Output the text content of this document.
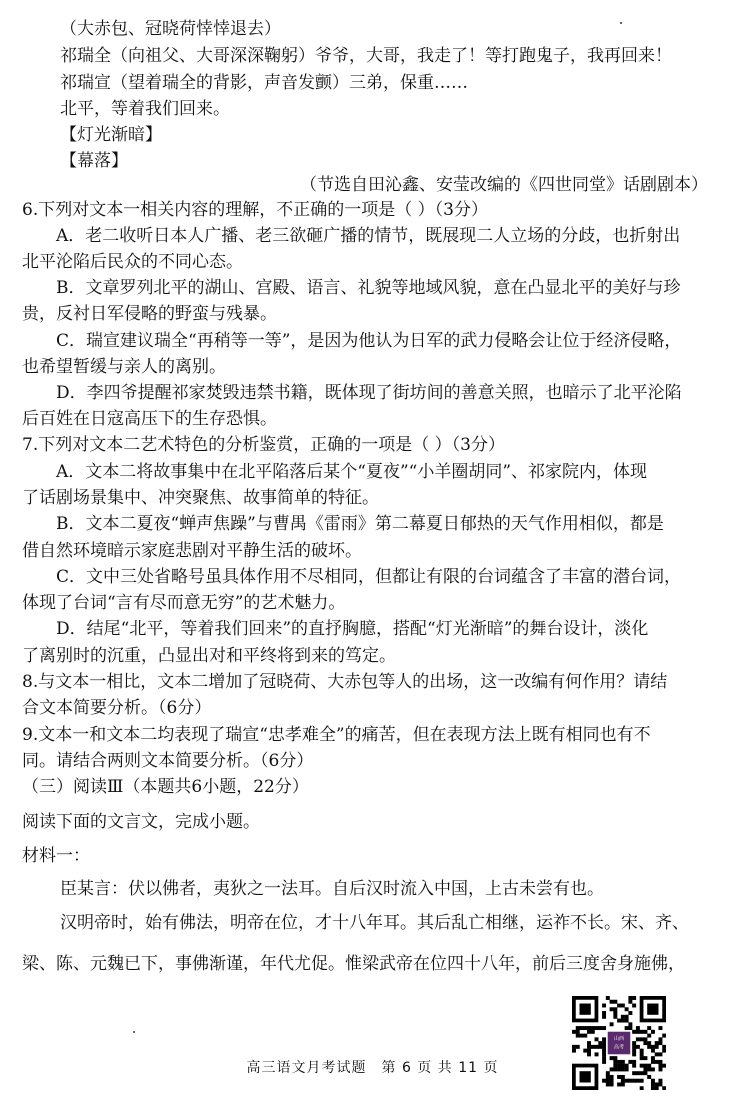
（大赤包、冠晓荷悻悻退去）
祁瑞全（向祖父、大哥深深鞠躬）爷爷，大哥，我走了！等打跑鬼子，我再回来！
祁瑞宣（望着瑞全的背影，声音发颤）三弟，保重……
北平，等着我们回来。
【灯光渐暗】
【幕落】
（节选自田沁鑫、安莹改编的《四世同堂》话剧剧本）
6.下列对文本一相关内容的理解，不正确的一项是（ ）（3分）
A．老二收听日本人广播、老三欲砸广播的情节，既展现二人立场的分歧，也折射出
北平沦陷后民众的不同心态。
B．文章罗列北平的湖山、宫殿、语言、礼貌等地域风貌，意在凸显北平的美好与珍
贵，反衬日军侵略的野蛮与残暴。
C．瑞宣建议瑞全“再稍等一等”，是因为他认为日军的武力侵略会让位于经济侵略，
也希望暂缓与亲人的离别。
D．李四爷提醒祁家焚毁违禁书籍，既体现了街坊间的善意关照，也暗示了北平沦陷
后百姓在日寇高压下的生存恐惧。
7.下列对文本二艺术特色的分析鉴赏，正确的一项是（ ）（3分）
A．文本二将故事集中在北平陷落后某个“夏夜”“小羊圈胡同”、祁家院内，体现
了话剧场景集中、冲突聚焦、故事简单的特征。
B．文本二夏夜“蝉声焦躁”与曹禺《雷雨》第二幕夏日郁热的天气作用相似，都是
借自然环境暗示家庭悲剧对平静生活的破坏。
C．文中三处省略号虽具体作用不尽相同，但都让有限的台词蕴含了丰富的潜台词，
体现了台词“言有尽而意无穷”的艺术魅力。
D．结尾“北平，等着我们回来”的直抒胸臆，搭配“灯光渐暗”的舞台设计，淡化
了离别时的沉重，凸显出对和平终将到来的笃定。
8.与文本一相比，文本二增加了冠晓荷、大赤包等人的出场，这一改编有何作用？请结
合文本简要分析。（6分）
9.文本一和文本二均表现了瑞宣“忠孝难全”的痛苦，但在表现方法上既有相同也有不
同。请结合两则文本简要分析。（6分）
（三）阅读Ⅲ（本题共6小题，22分）
阅读下面的文言文，完成小题。
材料一：
臣某言：伏以佛者，夷狄之一法耳。自后汉时流入中国，上古未尝有也。
汉明帝时，始有佛法，明帝在位，才十八年耳。其后乱亡相继，运祚不长。宋、齐、
梁、陈、元魏已下，事佛渐谨，年代尤促。惟梁武帝在位四十八年，前后三度舍身施佛，
高三语文月考试题　第 6 页 共 11 页
山西
高考
